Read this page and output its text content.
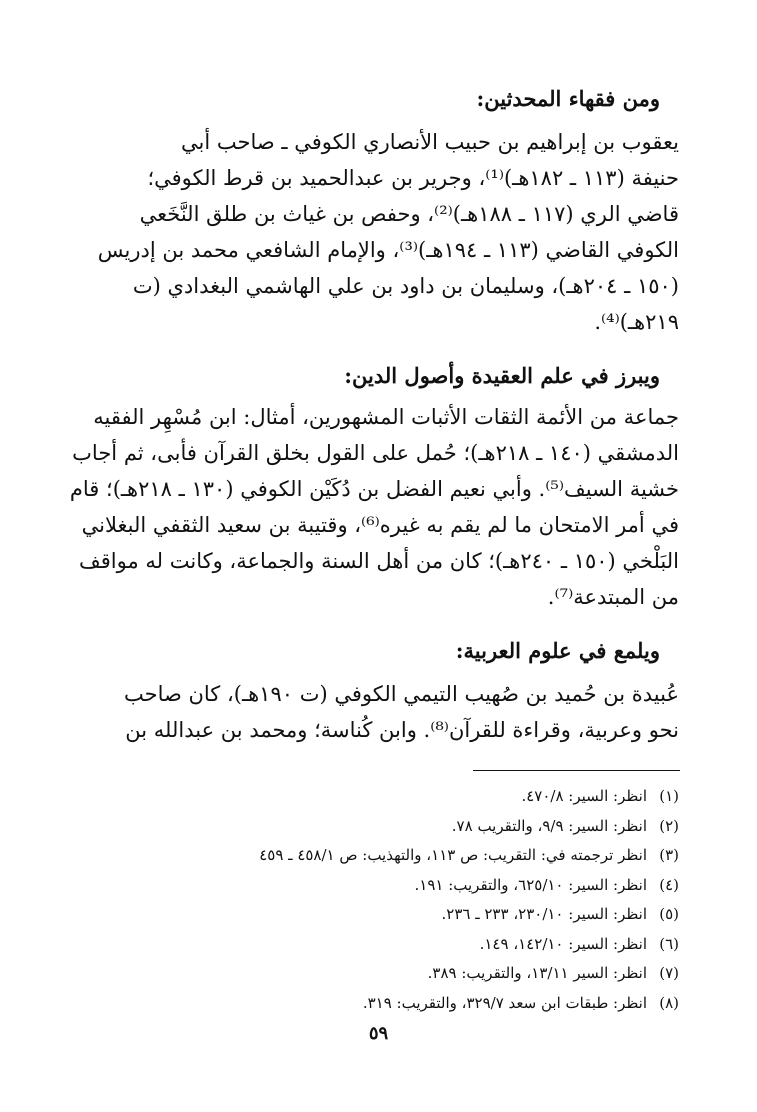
ومن فقهاء المحدثين:
يعقوب بن إبراهيم بن حبيب الأنصاري الكوفي ـ صاحب أبي
حنيفة (١١٣ ـ ١٨٢هـ)⁽¹⁾، وجرير بن عبدالحميد بن قرط الكوفي؛
قاضي الري (١١٧ ـ ١٨٨هـ)⁽²⁾، وحفص بن غياث بن طلق النَّخَعي
الكوفي القاضي (١١٣ ـ ١٩٤هـ)⁽³⁾، والإمام الشافعي محمد بن إدريس
(١٥٠ ـ ٢٠٤هـ)، وسليمان بن داود بن علي الهاشمي البغدادي (ت
٢١٩هـ)⁽⁴⁾.
ويبرز في علم العقيدة وأصول الدين:
جماعة من الأئمة الثقات الأثبات المشهورين، أمثال: ابن مُسْهِر الفقيه
الدمشقي (١٤٠ ـ ٢١٨هـ)؛ حُمل على القول بخلق القرآن فأبى، ثم أجاب
خشية السيف⁽⁵⁾. وأبي نعيم الفضل بن دُكَيْن الكوفي (١٣٠ ـ ٢١٨هـ)؛ قام
في أمر الامتحان ما لم يقم به غيره⁽⁶⁾، وقتيبة بن سعيد الثقفي البغلاني
البَلْخي (١٥٠ ـ ٢٤٠هـ)؛ كان من أهل السنة والجماعة، وكانت له مواقف
من المبتدعة⁽⁷⁾.
ويلمع في علوم العربية:
عُبيدة بن حُميد بن صُهيب التيمي الكوفي (ت ١٩٠هـ)، كان صاحب
نحو وعربية، وقراءة للقرآن⁽⁸⁾. وابن كُناسة؛ ومحمد بن عبدالله بن
(١)
انظر: السير: ٤٧٠/٨.
(٢)
انظر: السير: ٩/٩، والتقريب ٧٨.
(٣)
انظر ترجمته في: التقريب: ص ١١٣، والتهذيب: ص ٤٥٨/١ ـ ٤٥٩
(٤)
انظر: السير: ٦٢٥/١٠، والتقريب: ١٩١.
(٥)
انظر: السير: ٢٣٠/١٠، ٢٣٣ ـ ٢٣٦.
(٦)
انظر: السير: ١٤٢/١٠، ١٤٩.
(٧)
انظر: السير ١٣/١١، والتقريب: ٣٨٩.
(٨)
انظر: طبقات ابن سعد ٣٢٩/٧، والتقريب: ٣١٩.
٥٩
